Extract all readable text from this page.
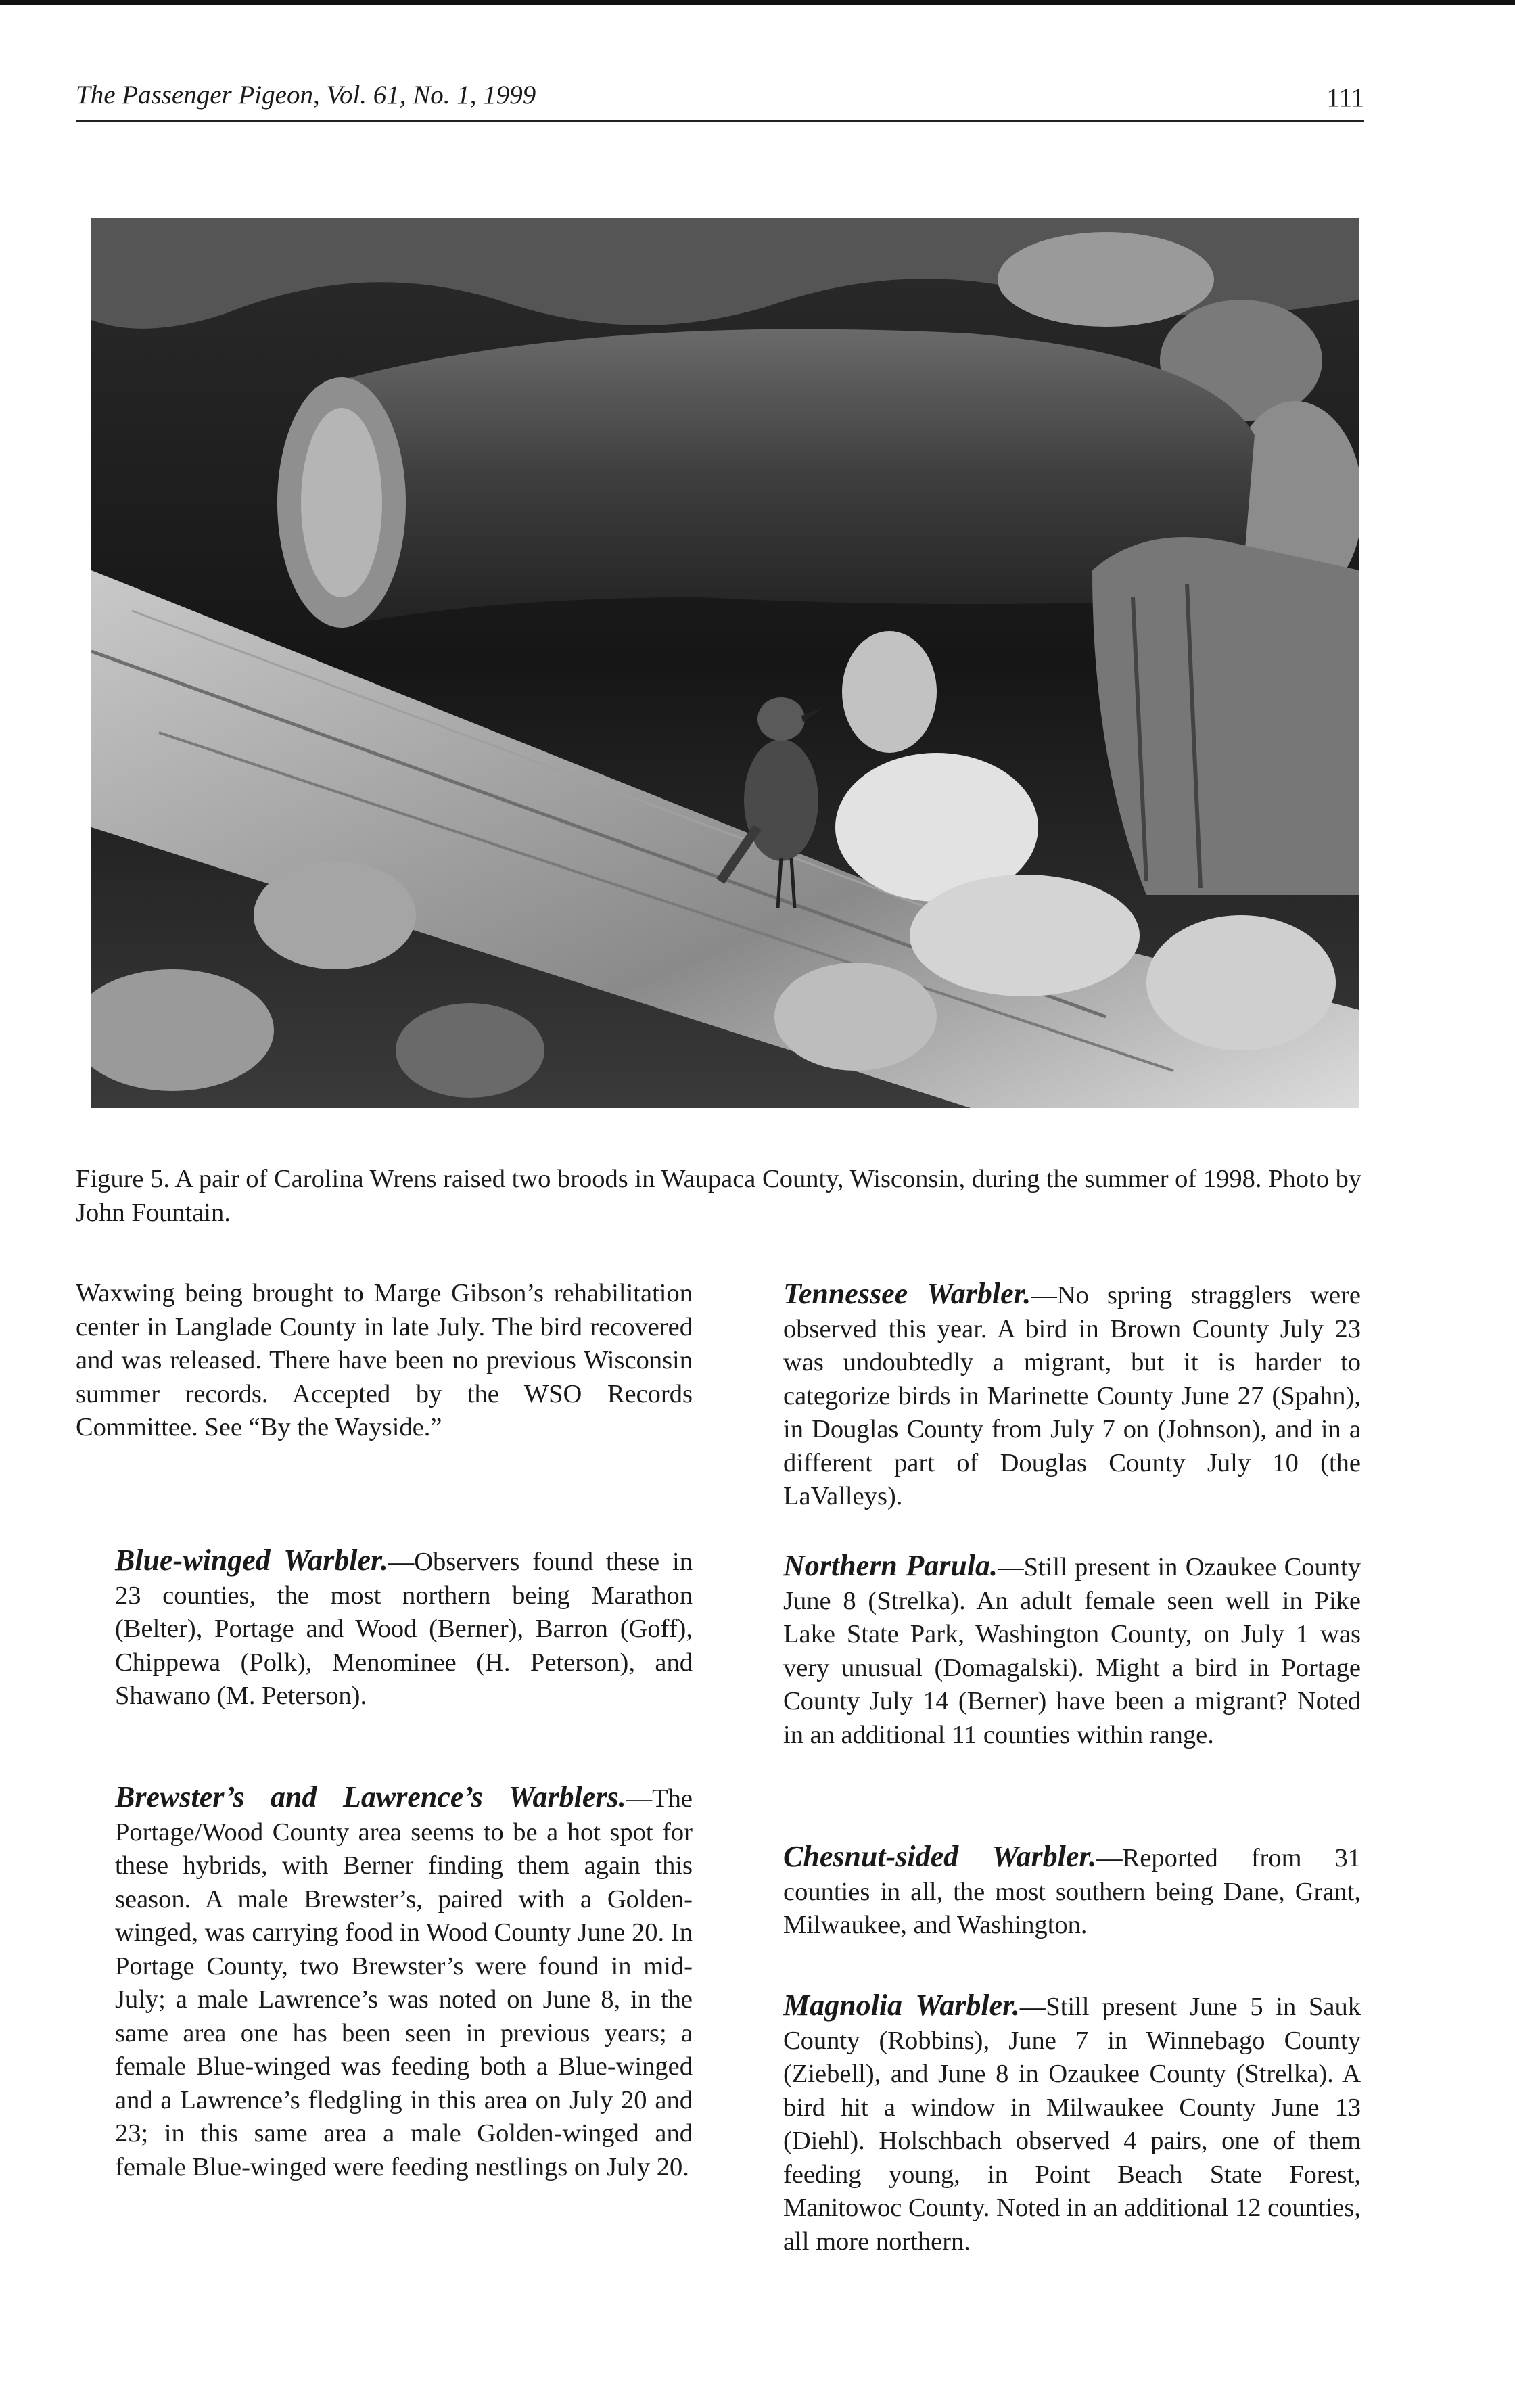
The Passenger Pigeon, Vol. 61, No. 1, 1999	111
Figure 5. A pair of Carolina Wrens raised two broods in Waupaca County, Wisconsin, during the summer of 1998. Photo by John Fountain.

Waxwing being brought to Marge Gibson’s rehabilitation center in Langlade County in late July. The bird recovered and was released. There have been no previous Wisconsin summer records. Accepted by the WSO Records Committee. See “By the Wayside.”

Blue-winged Warbler.—Observers found these in 23 counties, the most northern being Marathon (Belter), Portage and Wood (Berner), Barron (Goff), Chippewa (Polk), Menominee (H. Peterson), and Shawano (M. Peterson).

Brewster’s and Lawrence’s Warblers.—The Portage/Wood County area seems to be a hot spot for these hybrids, with Berner finding them again this season. A male Brewster’s, paired with a Golden-winged, was carrying food in Wood County June 20. In Portage County, two Brewster’s were found in mid-July; a male Lawrence’s was noted on June 8, in the same area one has been seen in previous years; a female Blue-winged was feeding both a Blue-winged and a Lawrence’s fledgling in this area on July 20 and 23; in this same area a male Golden-winged and female Blue-winged were feeding nestlings on July 20.

Tennessee Warbler.—No spring stragglers were observed this year. A bird in Brown County July 23 was undoubtedly a migrant, but it is harder to categorize birds in Marinette County June 27 (Spahn), in Douglas County from July 7 on (Johnson), and in a different part of Douglas County July 10 (the LaValleys).

Northern Parula.—Still present in Ozaukee County June 8 (Strelka). An adult female seen well in Pike Lake State Park, Washington County, on July 1 was very unusual (Domagalski). Might a bird in Portage County July 14 (Berner) have been a migrant? Noted in an additional 11 counties within range.

Chesnut-sided Warbler.—Reported from 31 counties in all, the most southern being Dane, Grant, Milwaukee, and Washington.

Magnolia Warbler.—Still present June 5 in Sauk County (Robbins), June 7 in Winnebago County (Ziebell), and June 8 in Ozaukee County (Strelka). A bird hit a window in Milwaukee County June 13 (Diehl). Holschbach observed 4 pairs, one of them feeding young, in Point Beach State Forest, Manitowoc County. Noted in an additional 12 counties, all more northern.
